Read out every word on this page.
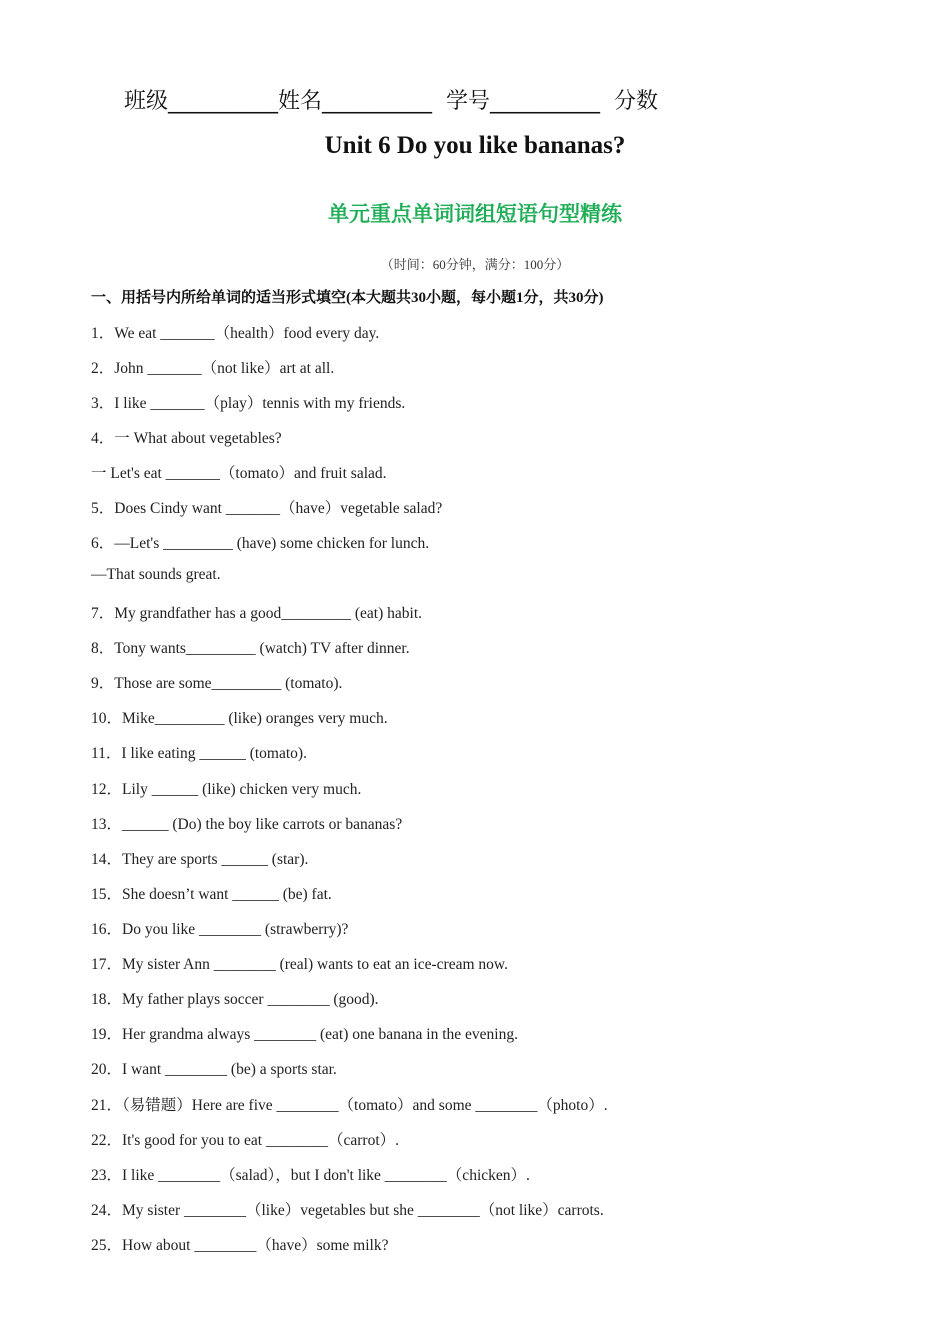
班级__________姓名__________  学号__________  分数
Unit 6 Do you like bananas?
单元重点单词词组短语句型精练
（时间：60分钟，满分：100分）
一、用括号内所给单词的适当形式填空(本大题共30小题，每小题1分，共30分)
1．We eat _______（health）food every day.
2．John _______（not like）art at all.
3．I like _______（play）tennis with my friends.
4．一 What about vegetables?
一 Let's eat _______（tomato）and fruit salad.
5．Does Cindy want _______（have）vegetable salad?
6．—Let's _________ (have) some chicken for lunch.
—That sounds great.
7．My grandfather has a good_________ (eat) habit.
8．Tony wants_________ (watch) TV after dinner.
9．Those are some_________ (tomato).
10．Mike_________ (like) oranges very much.
11．I like eating ______ (tomato).
12．Lily ______ (like) chicken very much.
13．______ (Do) the boy like carrots or bananas?
14．They are sports ______ (star).
15．She doesn’t want ______ (be) fat.
16．Do you like ________ (strawberry)?
17．My sister Ann ________ (real) wants to eat an ice-cream now.
18．My father plays soccer ________ (good).
19．Her grandma always ________ (eat) one banana in the evening.
20．I want ________ (be) a sports star.
21．（易错题）Here are five ________（tomato）and some ________（photo）.
22．It's good for you to eat ________（carrot）.
23．I like ________（salad），but I don't like ________（chicken）.
24．My sister ________（like）vegetables but she ________（not like）carrots.
25．How about ________（have）some milk?
